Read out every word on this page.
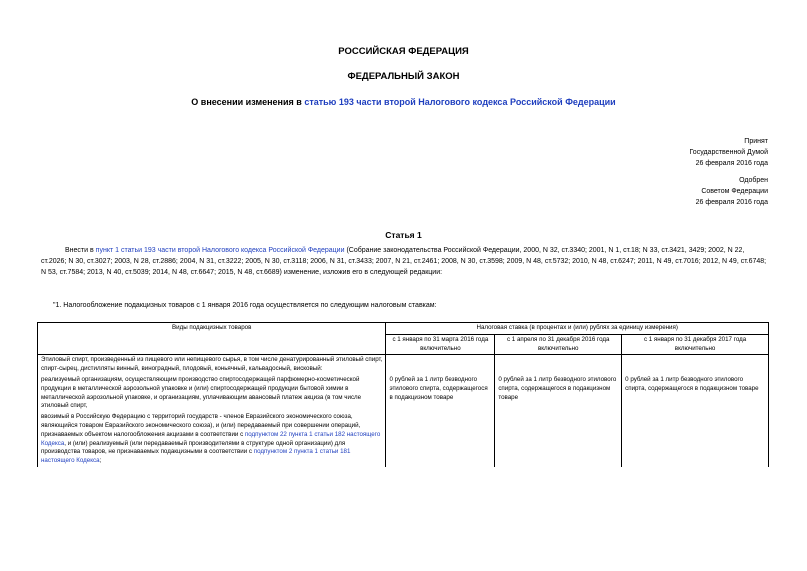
РОССИЙСКАЯ ФЕДЕРАЦИЯ
ФЕДЕРАЛЬНЫЙ ЗАКОН
О внесении изменения в статью 193 части второй Налогового кодекса Российской Федерации
Принят
Государственной Думой
26 февраля 2016 года
Одобрен
Советом Федерации
26 февраля 2016 года
Статья 1
Внести в пункт 1 статьи 193 части второй Налогового кодекса Российской Федерации (Собрание законодательства Российской Федерации, 2000, N 32, ст.3340; 2001, N 1, ст.18; N 33, ст.3421, 3429; 2002, N 22, ст.2026; N 30, ст.3027; 2003, N 28, ст.2886; 2004, N 31, ст.3222; 2005, N 30, ст.3118; 2006, N 31, ст.3433; 2007, N 21, ст.2461; 2008, N 30, ст.3598; 2009, N 48, ст.5732; 2010, N 48, ст.6247; 2011, N 49, ст.7016; 2012, N 49, ст.6748; N 53, ст.7584; 2013, N 40, ст.5039; 2014, N 48, ст.6647; 2015, N 48, ст.6689) изменение, изложив его в следующей редакции:
"1. Налогообложение подакцизных товаров с 1 января 2016 года осуществляется по следующим налоговым ставкам:
Виды подакцизных товаров	Налоговая ставка (в процентах и (или) рублях за единицу измерения)		
	с 1 января по 31 марта 2016 года включительно	с 1 апреля по 31 декабря 2016 года включительно	с 1 января по 31 декабря 2017 года включительно
Этиловый спирт, произведенный из пищевого или непищевого сырья, в том числе денатурированный этиловый спирт, спирт-сырец, дистилляты винный, виноградный, плодовый, коньячный, кальвадосный, висковый:			
реализуемый организациям, осуществляющим производство спиртосодержащей парфюмерно-косметической продукции в металлической аэрозольной упаковке и (или) спиртосодержащей продукции бытовой химии в металлической аэрозольной упаковке, и организациям, уплачивающим авансовый платеж акциза (в том числе этиловый спирт,	0 рублей за 1 литр безводного этилового спирта, содержащегося в подакцизном товаре	0 рублей за 1 литр безводного этилового спирта, содержащегося в подакцизном товаре	0 рублей за 1 литр безводного этилового спирта, содержащегося в подакцизном товаре
ввозимый в Российскую Федерацию с территорий государств - членов Евразийского экономического союза, являющийся товаром Евразийского экономического союза), и (или) передаваемый при совершении операций, признаваемых объектом налогообложения акцизами в соответствии с подпунктом 22 пункта 1 статьи 182 настоящего Кодекса, и (или) реализуемый (или передаваемый производителями в структуре одной организации) для производства товаров, не признаваемых подакцизными в соответствии с подпунктом 2 пункта 1 статьи 181 настоящего Кодекса;			
